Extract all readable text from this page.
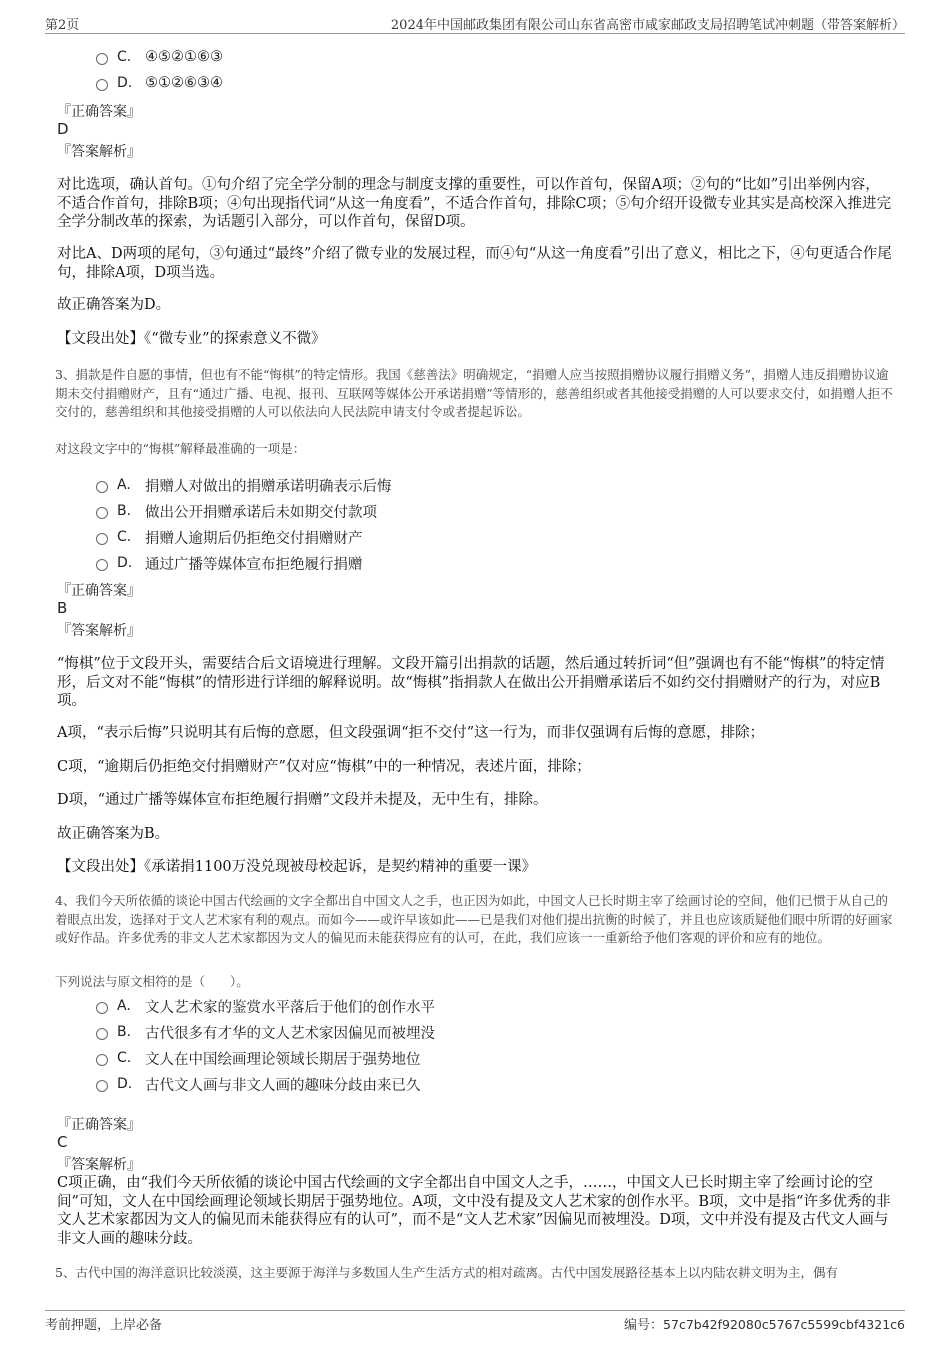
第2页	2024年中国邮政集团有限公司山东省高密市咸家邮政支局招聘笔试冲刺题（带答案解析）
C. ④⑤②①⑥③
D. ⑤①②⑥③④
『正确答案』
D
『答案解析』
对比选项，确认首句。①句介绍了完全学分制的理念与制度支撑的重要性，可以作首句，保留A项；②句的“比如”引出举例内容，不适合作首句，排除B项；④句出现指代词“从这一角度看”，不适合作首句，排除C项；⑤句介绍开设微专业其实是高校深入推进完全学分制改革的探索，为话题引入部分，可以作首句，保留D项。
对比A、D两项的尾句，③句通过“最终”介绍了微专业的发展过程，而④句“从这一角度看”引出了意义，相比之下，④句更适合作尾句，排除A项，D项当选。
故正确答案为D。
【文段出处】《“微专业”的探索意义不微》
3、捐款是件自愿的事情，但也有不能“悔棋”的特定情形。我国《慈善法》明确规定，“捐赠人应当按照捐赠协议履行捐赠义务”，捐赠人违反捐赠协议逾期未交付捐赠财产，且有“通过广播、电视、报刊、互联网等媒体公开承诺捐赠”等情形的，慈善组织或者其他接受捐赠的人可以要求交付，如捐赠人拒不交付的，慈善组织和其他接受捐赠的人可以依法向人民法院申请支付令或者提起诉讼。
对这段文字中的“悔棋”解释最准确的一项是：
A. 捐赠人对做出的捐赠承诺明确表示后悔
B. 做出公开捐赠承诺后未如期交付款项
C. 捐赠人逾期后仍拒绝交付捐赠财产
D. 通过广播等媒体宣布拒绝履行捐赠
『正确答案』
B
『答案解析』
“悔棋”位于文段开头，需要结合后文语境进行理解。文段开篇引出捐款的话题，然后通过转折词“但”强调也有不能“悔棋”的特定情形，后文对不能“悔棋”的情形进行详细的解释说明。故“悔棋”指捐款人在做出公开捐赠承诺后不如约交付捐赠财产的行为，对应B项。
A项，“表示后悔”只说明其有后悔的意愿，但文段强调“拒不交付”这一行为，而非仅强调有后悔的意愿，排除；
C项，“逾期后仍拒绝交付捐赠财产”仅对应“悔棋”中的一种情况，表述片面，排除；
D项，“通过广播等媒体宣布拒绝履行捐赠”文段并未提及，无中生有，排除。
故正确答案为B。
【文段出处】《承诺捐1100万没兑现被母校起诉，是契约精神的重要一课》
4、我们今天所依循的谈论中国古代绘画的文字全都出自中国文人之手，也正因为如此，中国文人已长时期主宰了绘画讨论的空间，他们已惯于从自己的着眼点出发，选择对于文人艺术家有利的观点。而如今——或许早该如此——已是我们对他们提出抗衡的时候了，并且也应该质疑他们眼中所谓的好画家或好作品。许多优秀的非文人艺术家都因为文人的偏见而未能获得应有的认可，在此，我们应该一一重新给予他们客观的评价和应有的地位。
下列说法与原文相符的是（　　）。
A. 文人艺术家的鉴赏水平落后于他们的创作水平
B. 古代很多有才华的文人艺术家因偏见而被埋没
C. 文人在中国绘画理论领域长期居于强势地位
D. 古代文人画与非文人画的趣味分歧由来已久
『正确答案』
C
『答案解析』
C项正确，由“我们今天所依循的谈论中国古代绘画的文字全都出自中国文人之手，……，中国文人已长时期主宰了绘画讨论的空间”可知，文人在中国绘画理论领域长期居于强势地位。A项，文中没有提及文人艺术家的创作水平。B项，文中是指“许多优秀的非文人艺术家都因为文人的偏见而未能获得应有的认可”，而不是“文人艺术家”因偏见而被埋没。D项，文中并没有提及古代文人画与非文人画的趣味分歧。
5、古代中国的海洋意识比较淡漠，这主要源于海洋与多数国人生产生活方式的相对疏离。古代中国发展路径基本上以内陆农耕文明为主，偶有
考前押题，上岸必备	编号：57c7b42f92080c5767c5599cbf4321c6
